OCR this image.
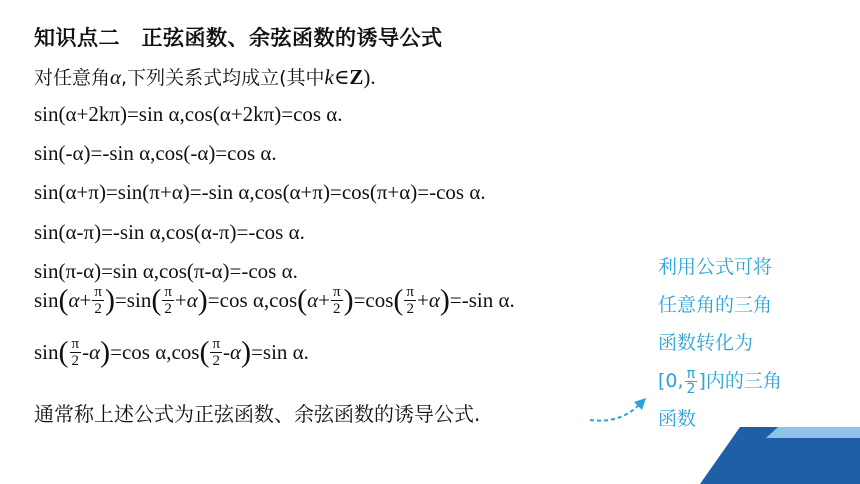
知识点二　正弦函数、余弦函数的诱导公式
对任意角α,下列关系式均成立(其中k∈Z).
sin(α+2kπ)=sin α,cos(α+2kπ)=cos α.
sin(-α)=-sin α,cos(-α)=cos α.
sin(α+π)=sin(π+α)=-sin α,cos(α+π)=cos(π+α)=-cos α.
sin(α-π)=-sin α,cos(α-π)=-cos α.
sin(π-α)=sin α,cos(π-α)=-cos α.
$\sin(\alpha+ \frac{\pi}{2} )=\sin( \frac{\pi}{2} +\alpha)=\cos$ $\alpha,\cos(\alpha+ \frac{\pi}{2} )=\cos( \frac{\pi}{2} +\alpha)=-\sin$ α.
$\sin( \frac{\pi}{2} -\alpha)=\cos$ $\alpha,\cos( \frac{\pi}{2} -\alpha)=\sin$ α.
通常称上述公式为正弦函数、余弦函数的诱导公式.
利用公式可将
任意角的三角
函数转化为
[0, $\frac{\pi}{2}$ ]内的三角
函数
